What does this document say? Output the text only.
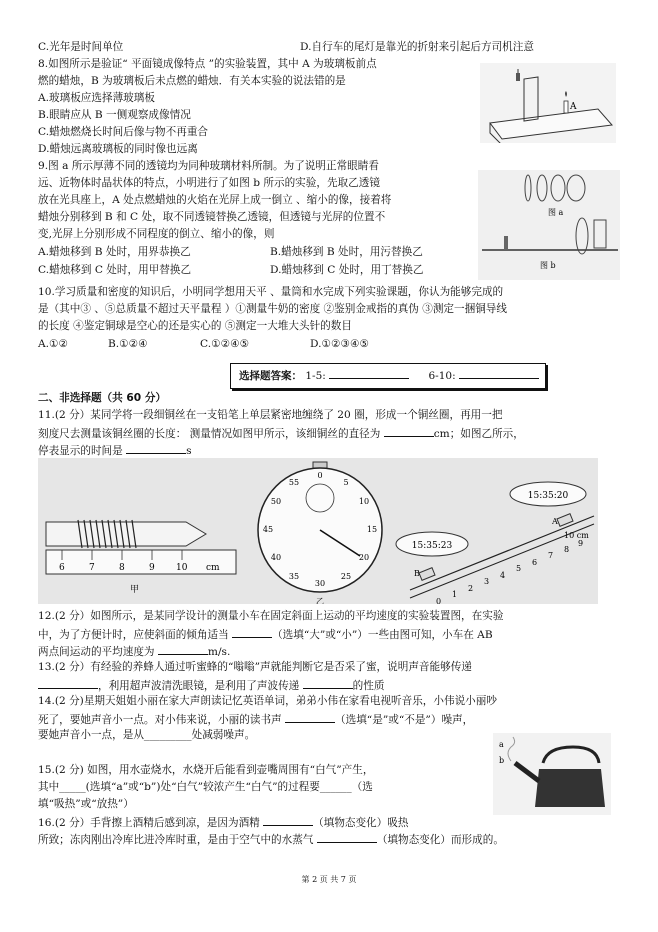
C.光年是时间单位	D.自行车的尾灯是靠光的折射来引起后方司机注意
8.如图所示是验证“ 平面镜成像特点 ”的实验装置，其中 A 为玻璃板前点
燃的蜡烛，B 为玻璃板后未点燃的蜡烛．有关本实验的说法错的是
A.玻璃板应选择薄玻璃板
B.眼睛应从 B 一侧观察成像情况
C.蜡烛燃烧长时间后像与物不再重合
D.蜡烛远离玻璃板的同时像也远离
A
9.图 a 所示厚薄不同的透镜均为同种玻璃材料所制。为了说明正常眼睛看
远、近物体时晶状体的特点，小明进行了如图 b 所示的实验，先取乙透镜
放在光具座上，A 处点燃蜡烛的火焰在光屏上成一倒立 、缩小的像，接着将
蜡烛分别移到 B 和 C 处，取不同透镜替换乙透镜，但透镜与光屏的位置不
变,光屏上分别形成不同程度的倒立、缩小的像，则
A.蜡烛移到 B 处时，用界恭换乙	B.蜡烛移到 B 处时，用污替换乙
C.蜡烛移到 C 处时，用甲替换乙	D.蜡烛移到 C 处时，用丁替换乙
图 a
图 b
10.学习质量和密度的知识后，小明同学想用天平 、量筒和水完成下列实验课题，你认为能够完成的
是（其中③ 、⑤总质量不超过天平量程 ）①测量牛奶的密度 ②鉴别金戒指的真伪 ③测定一捆铜导线
的长度 ④鉴定铜球是空心的还是实心的 ⑤测定一大堆大头针的数目
A.①②	B.①②④	C.①②④⑤	D.①②③④⑤
选择题答案： 1-5:	6-10:
二、非选择题（共 60 分）
11.(2 分）某同学将一段细铜丝在一支铅笔上单层紧密地缠绕了 20 圈，形成一个铜丝圈，再用一把
刻度尺去测量该铜丝圈的长度： 测量情况如图甲所示，该细铜丝的直径为	cm；如图乙所示，
停表显示的时间是	s
6	7	8	9 10 cm
甲
0
5
10
15
20
25
30
35
40
45
50
55
乙
15:35:20
15:35:23
A
B
0
1
2
3
4
5
6
7
8
9
10 cm
12.(2 分）如图所示，是某同学设计的测量小车在固定斜面上运动的平均速度的实验装置图，在实验
中，为了方便计时，应使斜面的倾角适当	（选填“大”或“小”）一些由图可知，小车在 AB
两点间运动的平均速度为	m/s.
13.(2 分）有经验的养蜂人通过听蜜蜂的“嗡嗡”声就能判断它是否采了蜜，说明声音能够传递
，利用超声波清洗眼镜，是利用了声波传递	的性质
14.(2 分)星期天姐姐小丽在家大声朗读记忆英语单词，弟弟小伟在家看电视听音乐，小伟说小丽吵
死了，要她声音小一点。对小伟来说，小丽的读书声	（选填“是”或“不是”）噪声，
要她声音小一点，是从_________处减弱噪声。
15.(2 分) 如图，用水壶烧水，水烧开后能看到壶嘴周围有“白气”产生，
其中_____(选填“a”或“b”)处“白气”较浓产生“白气”的过程要______（选
填“吸热”或“放热”）
a
b
16.(2 分）手背擦上酒精后感到凉，是因为酒精	（填物态变化）吸热
所致；冻肉刚出冷库比进冷库时重，是由于空气中的水蒸气	（填物态变化）而形成的。
第 2 页 共 7 页
